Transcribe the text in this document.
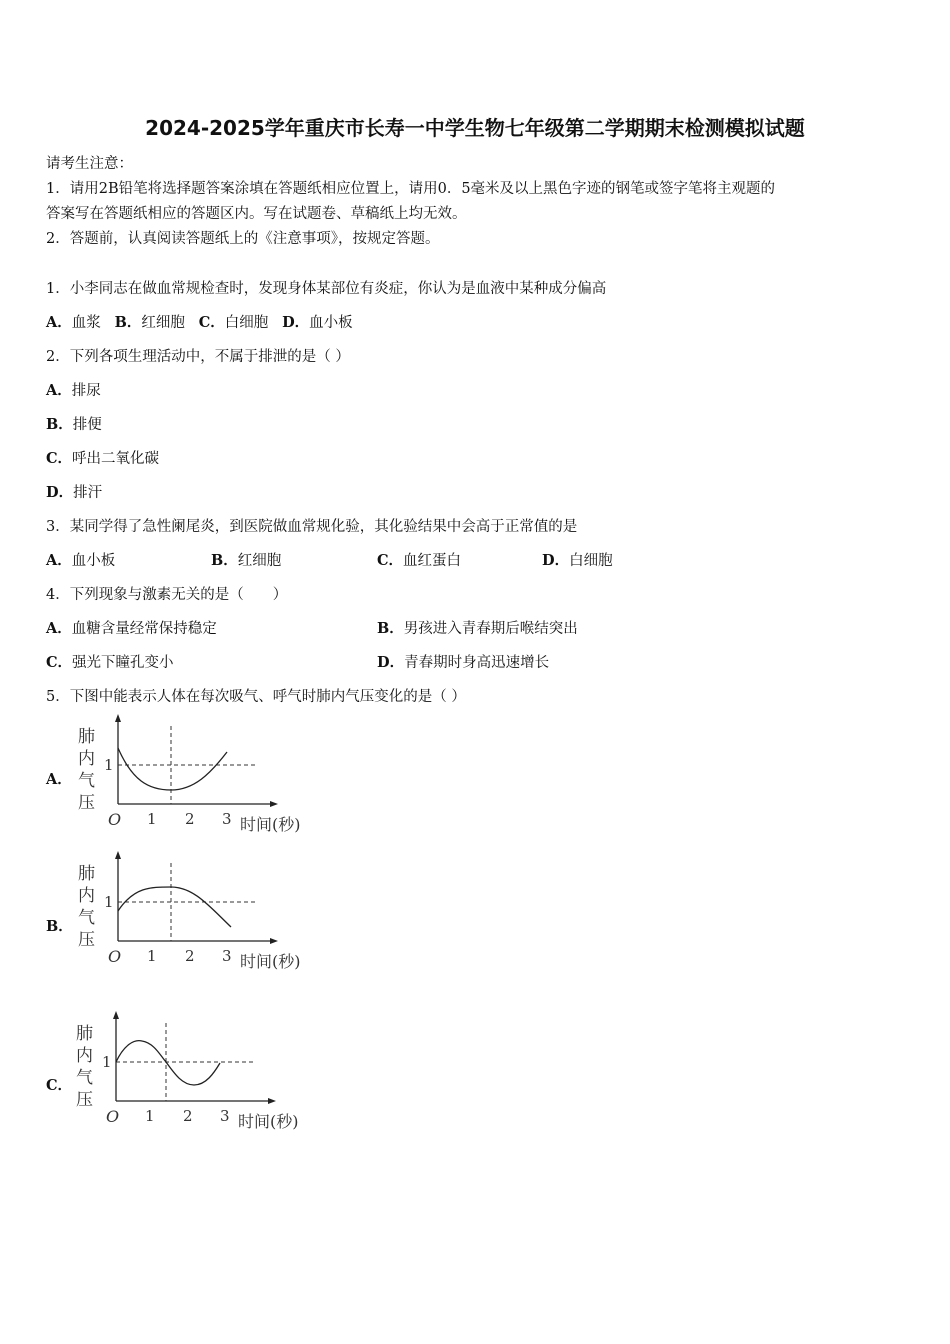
2024-2025学年重庆市长寿一中学生物七年级第二学期期末检测模拟试题
请考生注意：
1．请用2B铅笔将选择题答案涂填在答题纸相应位置上，请用0．5毫米及以上黑色字迹的钢笔或签字笔将主观题的
答案写在答题纸相应的答题区内。写在试题卷、草稿纸上均无效。
2．答题前，认真阅读答题纸上的《注意事项》，按规定答题。
1．小李同志在做血常规检查时，发现身体某部位有炎症，你认为是血液中某种成分偏高
A．血浆 B．红细胞 C．白细胞 D．血小板
2．下列各项生理活动中，不属于排泄的是（ ）
A．排尿
B．排便
C．呼出二氧化碳
D．排汗
3．某同学得了急性阑尾炎，到医院做血常规化验，其化验结果中会高于正常值的是
A．血小板	B．红细胞	C．血红蛋白	D．白细胞
4．下列现象与激素无关的是（　　）
A．血糖含量经常保持稳定	B．男孩进入青春期后喉结突出
C．强光下瞳孔变小	D．青春期时身高迅速增长
5．下图中能表示人体在每次吸气、呼气时肺内气压变化的是（ ）
A．
B．
C．
肺
内
气
压
1
O 1 2 3 时间(秒)
肺
内
气
压
1
O 1 2 3 时间(秒)
肺
内
气
压
1
O 1 2 3 时间(秒)
